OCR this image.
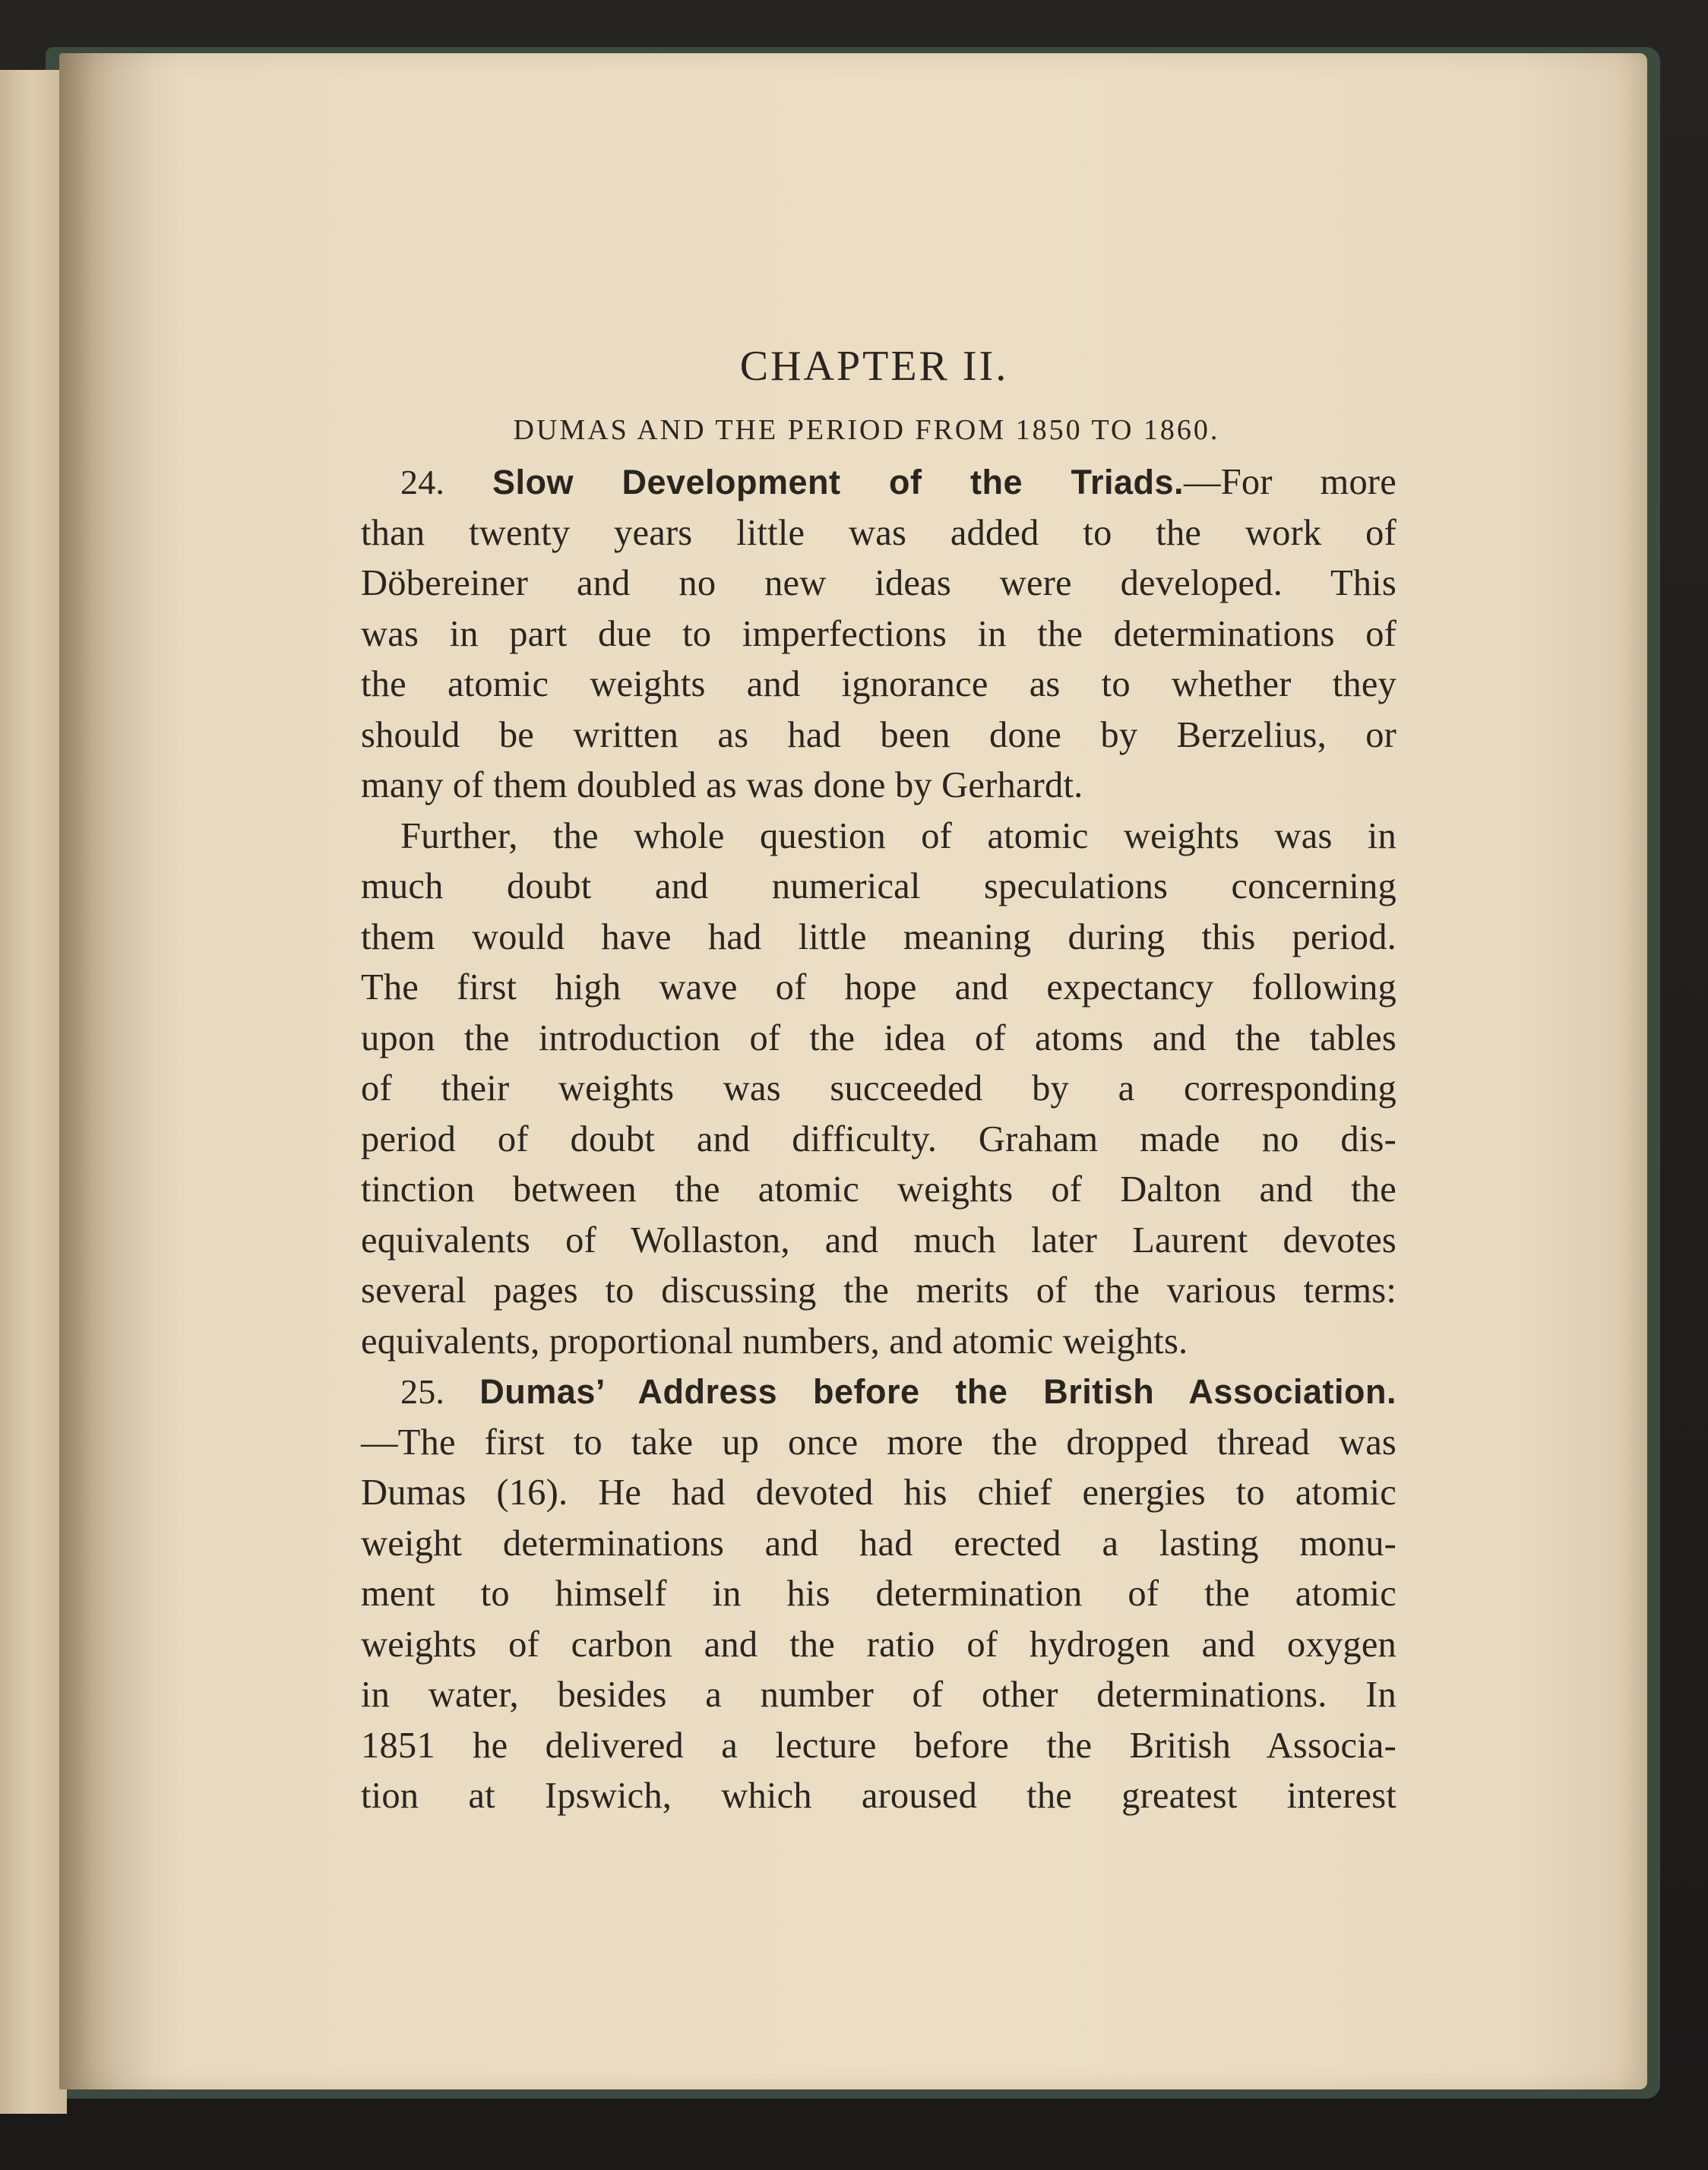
CHAPTER II.
DUMAS AND THE PERIOD FROM 1850 TO 1860.
24. Slow Development of the Triads.—For more
than twenty years little was added to the work of
Döbereiner and no new ideas were developed. This
was in part due to imperfections in the determinations of
the atomic weights and ignorance as to whether they
should be written as had been done by Berzelius, or
many of them doubled as was done by Gerhardt.
Further, the whole question of atomic weights was in
much doubt and numerical speculations concerning
them would have had little meaning during this period.
The first high wave of hope and expectancy following
upon the introduction of the idea of atoms and the tables
of their weights was succeeded by a corresponding
period of doubt and difficulty. Graham made no dis-
tinction between the atomic weights of Dalton and the
equivalents of Wollaston, and much later Laurent devotes
several pages to discussing the merits of the various terms:
equivalents, proportional numbers, and atomic weights.
25. Dumas’ Address before the British Association.
—The first to take up once more the dropped thread was
Dumas (16). He had devoted his chief energies to atomic
weight determinations and had erected a lasting monu-
ment to himself in his determination of the atomic
weights of carbon and the ratio of hydrogen and oxygen
in water, besides a number of other determinations. In
1851 he delivered a lecture before the British Associa-
tion at Ipswich, which aroused the greatest interest
